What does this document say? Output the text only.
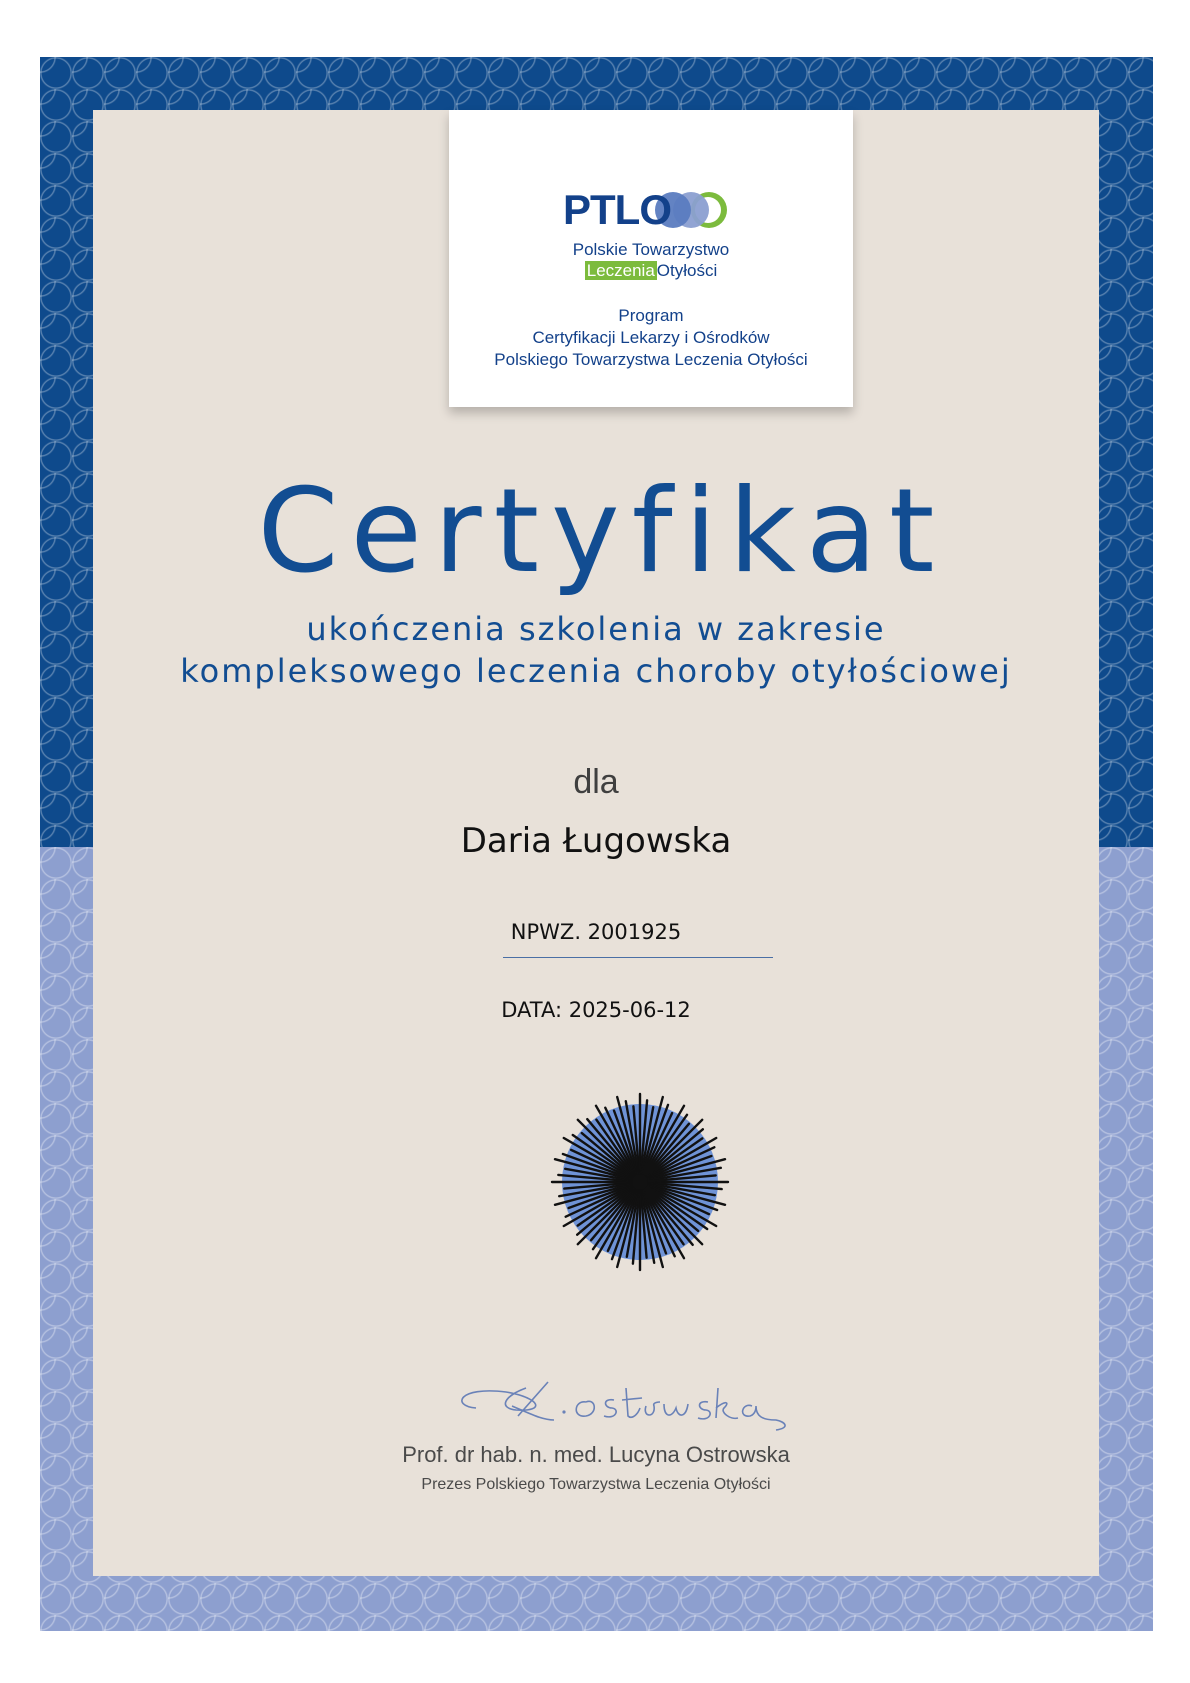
PTLO
Polskie Towarzystwo
Leczenia Otyłości
Program
Certyfikacji Lekarzy i Ośrodków
Polskiego Towarzystwa Leczenia Otyłości
Certyfikat
ukończenia szkolenia w zakresie
kompleksowego leczenia choroby otyłościowej
dla
Daria Ługowska
NPWZ. 2001925
DATA: 2025-06-12
Prof. dr hab. n. med. Lucyna Ostrowska
Prezes Polskiego Towarzystwa Leczenia Otyłości
